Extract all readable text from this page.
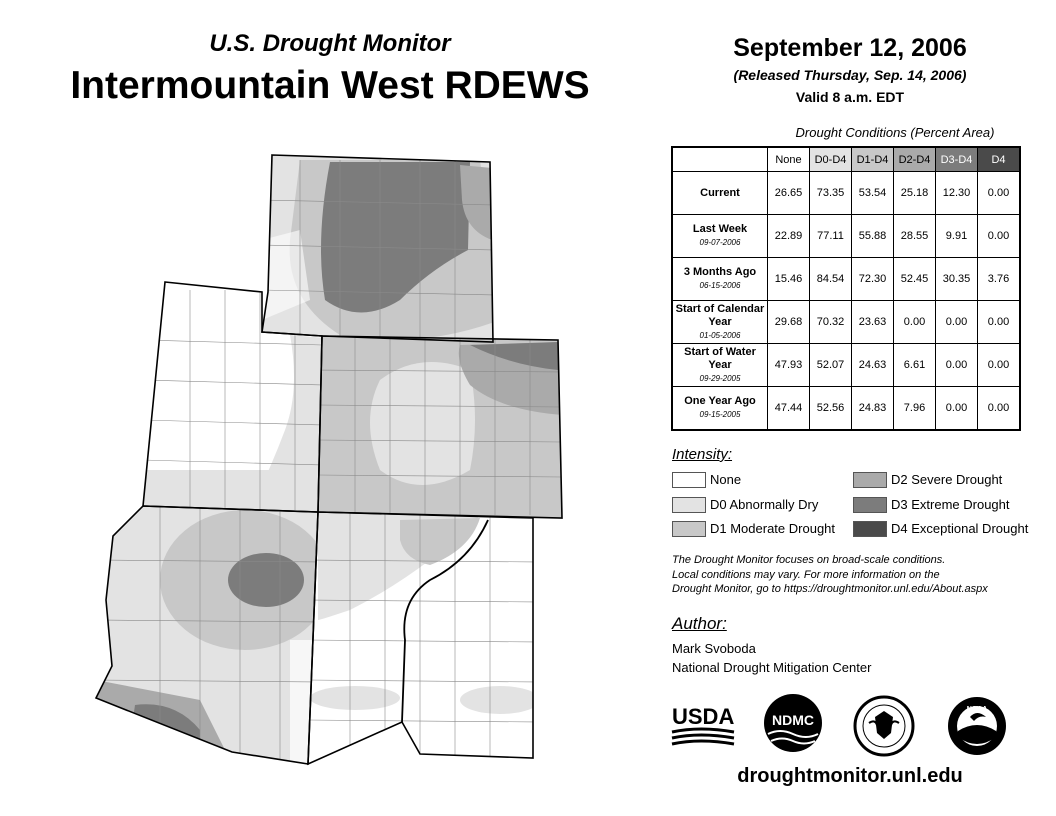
U.S. Drought Monitor
Intermountain West RDEWS
September 12, 2006
(Released Thursday, Sep. 14, 2006)
Valid 8 a.m. EDT
Drought Conditions (Percent Area)
	None	D0-D4	D1-D4	D2-D4	D3-D4	D4
Current	26.65	73.35	53.54	25.18	12.30	0.00
Last Week
09-07-2006	22.89	77.11	55.88	28.55	9.91	0.00
3 Months Ago
06-15-2006	15.46	84.54	72.30	52.45	30.35	3.76
Start of Calendar Year
01-05-2006	29.68	70.32	23.63	0.00	0.00	0.00
Start of Water Year
09-29-2005	47.93	52.07	24.63	6.61	0.00	0.00
One Year Ago
09-15-2005	47.44	52.56	24.83	7.96	0.00	0.00
Intensity:
None
D0 Abnormally Dry
D1 Moderate Drought
D2 Severe Drought
D3 Extreme Drought
D4 Exceptional Drought
The Drought Monitor focuses on broad-scale conditions.
Local conditions may vary. For more information on the
Drought Monitor, go to https://droughtmonitor.unl.edu/About.aspx
Author:
Mark Svoboda
National Drought Mitigation Center
USDA	NDMC
NOAA
droughtmonitor.unl.edu
